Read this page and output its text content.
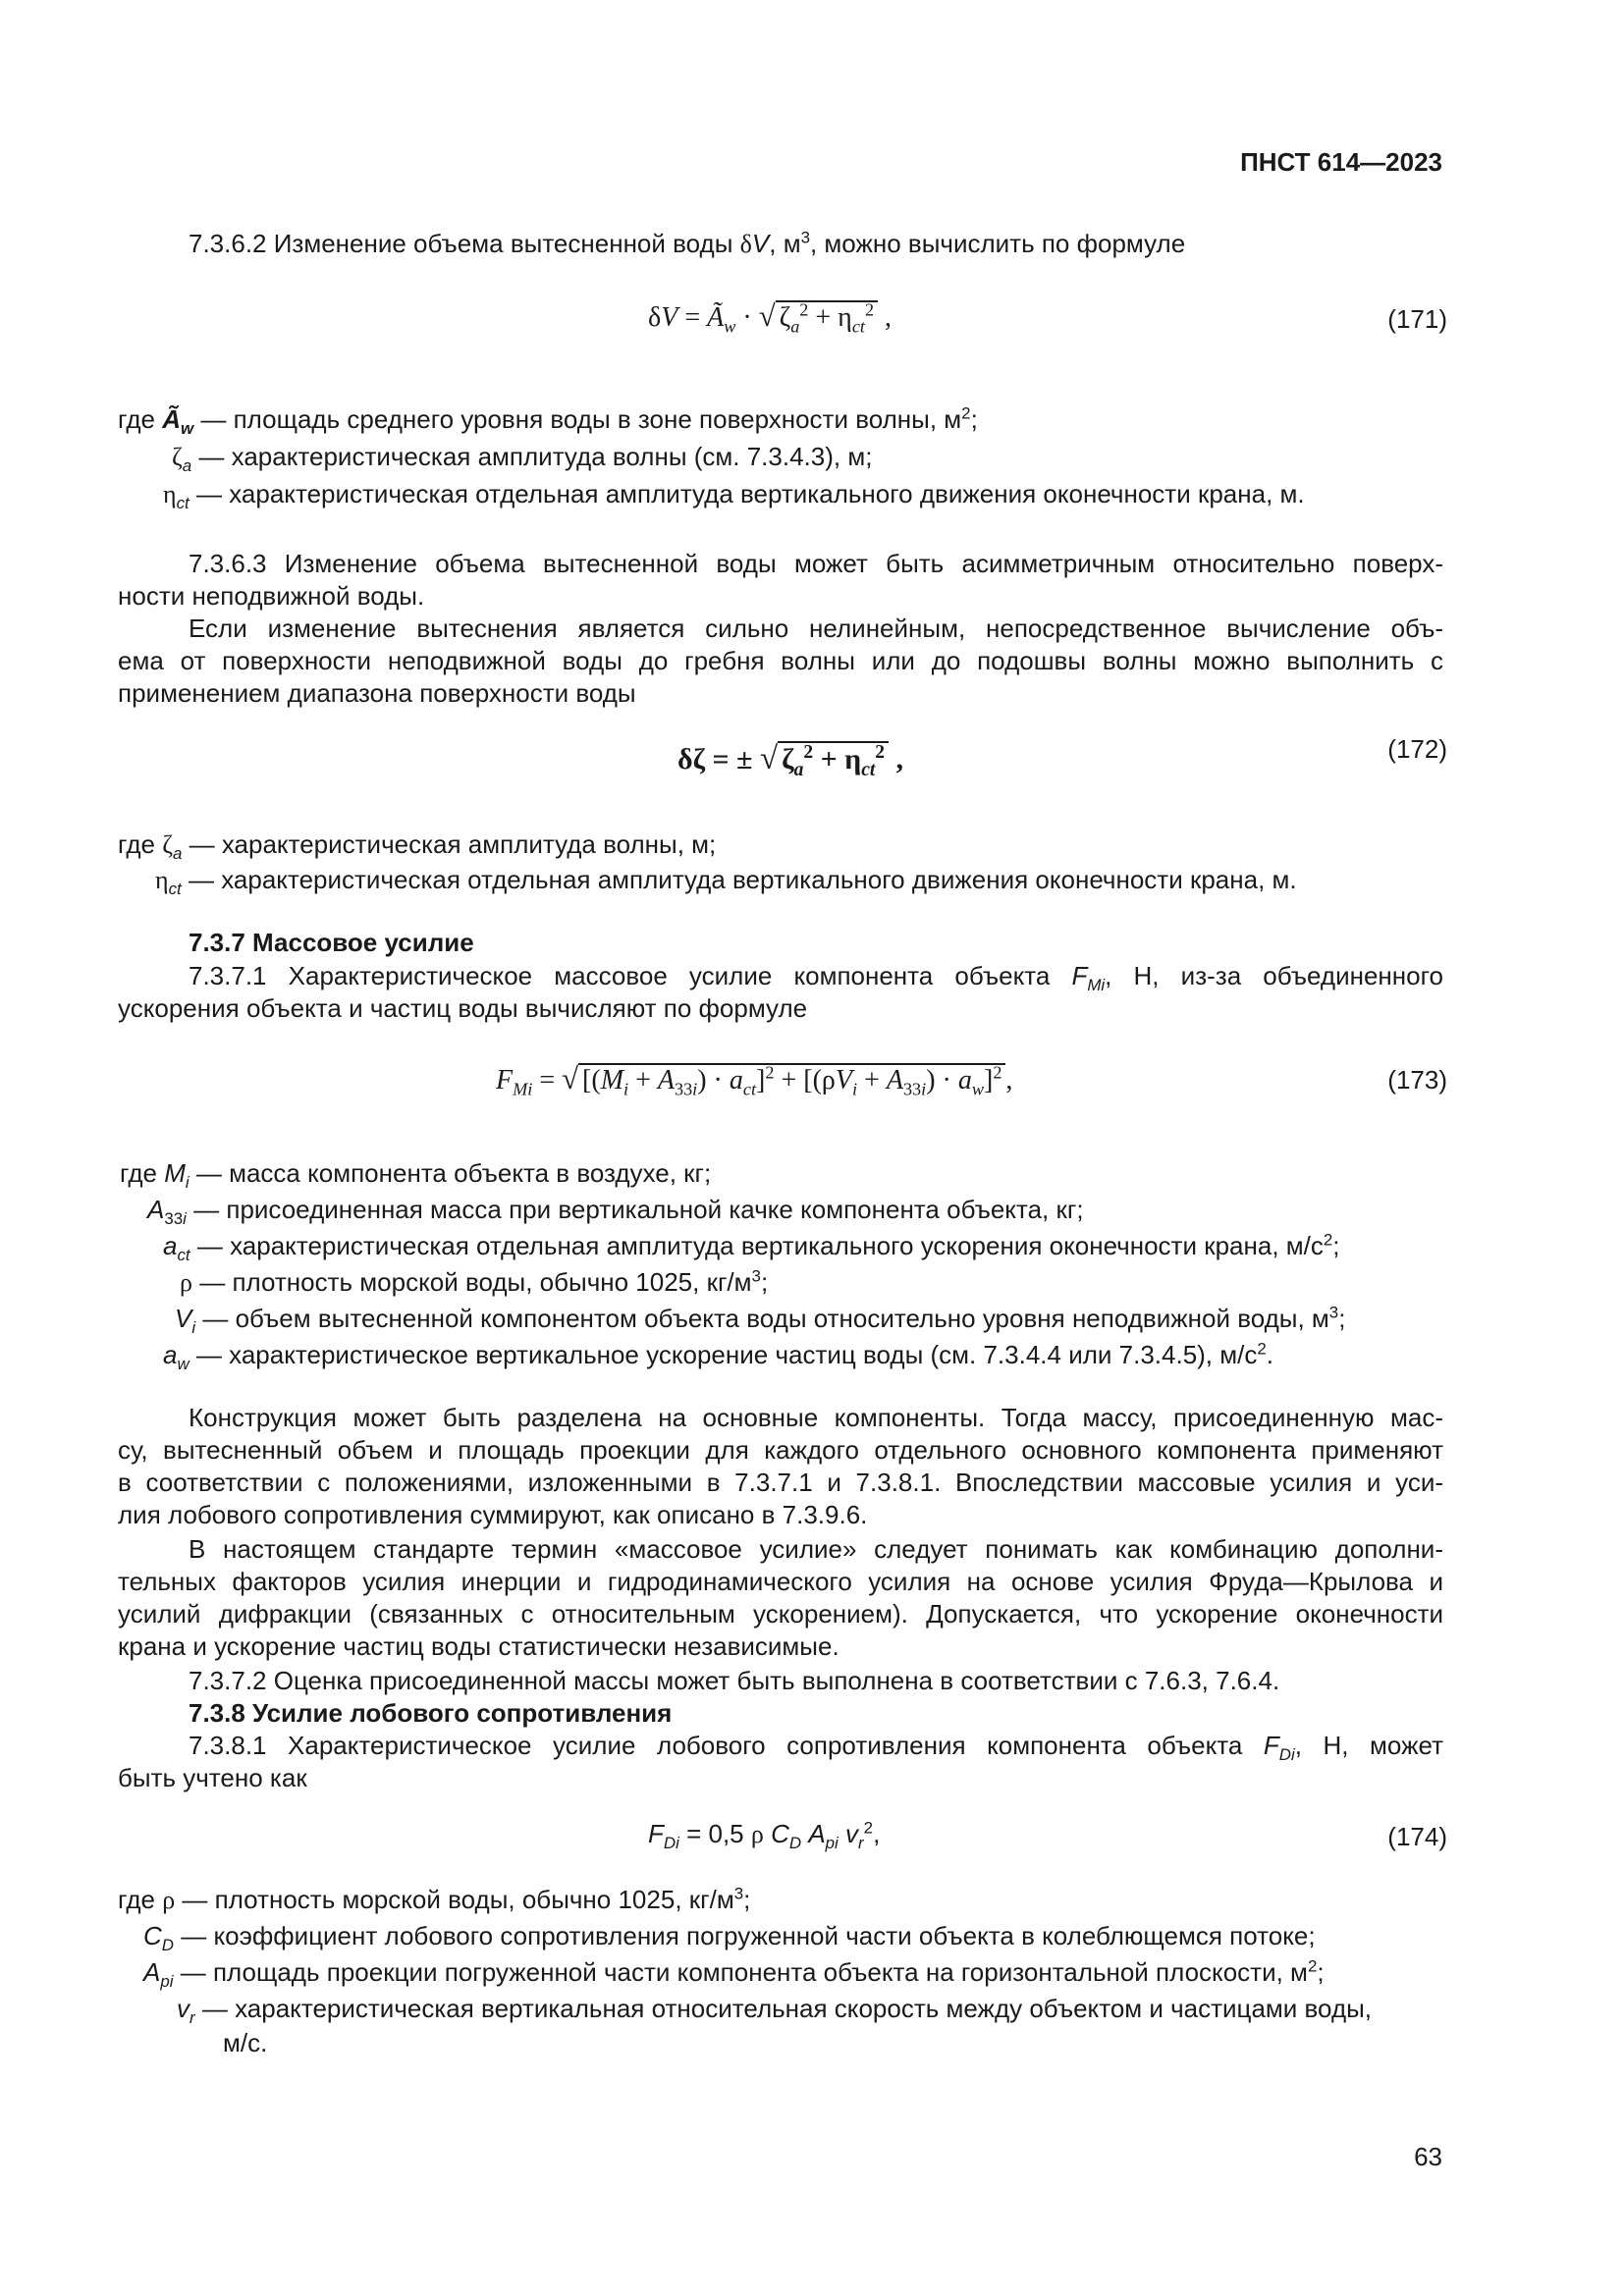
ПНСТ 614—2023
7.3.6.2 Изменение объема вытесненной воды δV, $м^3$, можно вычислить по формуле
$\delta V = Ã_w$ · √ $\zeta_a^2 + \eta_{ct}^2$ ,	(171)
где $Ã_w$ — площадь среднего уровня воды в зоне поверхности волны, $м^2$;
$\zeta_a$ — характеристическая амплитуда волны (см. 7.3.4.3), м;
$\eta_{ct}$ — характеристическая отдельная амплитуда вертикального движения оконечности крана, м.
7.3.6.3 Изменение объема вытесненной воды может быть асимметричным относительно поверх-
ности неподвижной воды.
Если изменение вытеснения является сильно нелинейным, непосредственное вычисление объ-
ема от поверхности неподвижной воды до гребня волны или до подошвы волны можно выполнить с
применением диапазона поверхности воды
δζ = ± √ $\zeta_a^2 + \eta_{ct}^2$ ,	(172)
где $\zeta_a$ — характеристическая амплитуда волны, м;
$\eta_{ct}$ — характеристическая отдельная амплитуда вертикального движения оконечности крана, м.
7.3.7 Массовое усилие
7.3.7.1 Характеристическое массовое усилие компонента объекта $F_{Mi}$, Н, из-за объединенного
ускорения объекта и частиц воды вычисляют по формуле
$F_{Mi}$ = √ $[(M_i + A_{33i}) \cdot a_{ct}]^2 + [(\rho V_i + A_{33i}) \cdot a_w]^2$ ,	(173)
где $M_i$ — масса компонента объекта в воздухе, кг;
$A_{33i}$ — присоединенная масса при вертикальной качке компонента объекта, кг;
$a_{ct}$ — характеристическая отдельная амплитуда вертикального ускорения оконечности крана, $м/с^2$;
ρ — плотность морской воды, обычно 1025, $кг/м^3$;
$V_i$ — объем вытесненной компонентом объекта воды относительно уровня неподвижной воды, $м^3$;
$a_w$ — характеристическое вертикальное ускорение частиц воды (см. 7.3.4.4 или 7.3.4.5), $м/с^2$.
Конструкция может быть разделена на основные компоненты. Тогда массу, присоединенную мас-
су, вытесненный объем и площадь проекции для каждого отдельного основного компонента применяют
в соответствии с положениями, изложенными в 7.3.7.1 и 7.3.8.1. Впоследствии массовые усилия и уси-
лия лобового сопротивления суммируют, как описано в 7.3.9.6.
В настоящем стандарте термин «массовое усилие» следует понимать как комбинацию дополни-
тельных факторов усилия инерции и гидродинамического усилия на основе усилия Фруда—Крылова и
усилий дифракции (связанных с относительным ускорением). Допускается, что ускорение оконечности
крана и ускорение частиц воды статистически независимые.
7.3.7.2 Оценка присоединенной массы может быть выполнена в соответствии с 7.6.3, 7.6.4.
7.3.8 Усилие лобового сопротивления
7.3.8.1 Характеристическое усилие лобового сопротивления компонента объекта $F_{Di}$, Н, может
быть учтено как
$F_{Di} = 0,5$ ρ $C_D$ $A_{pi}$ $v_r^2$,	(174)
где ρ — плотность морской воды, обычно 1025, $кг/м^3$;
$C_D$ — коэффициент лобового сопротивления погруженной части объекта в колеблющемся потоке;
$A_{pi}$ — площадь проекции погруженной части компонента объекта на горизонтальной плоскости, $м^2$;
$v_r$ — характеристическая вертикальная относительная скорость между объектом и частицами воды,
м/с.
63
